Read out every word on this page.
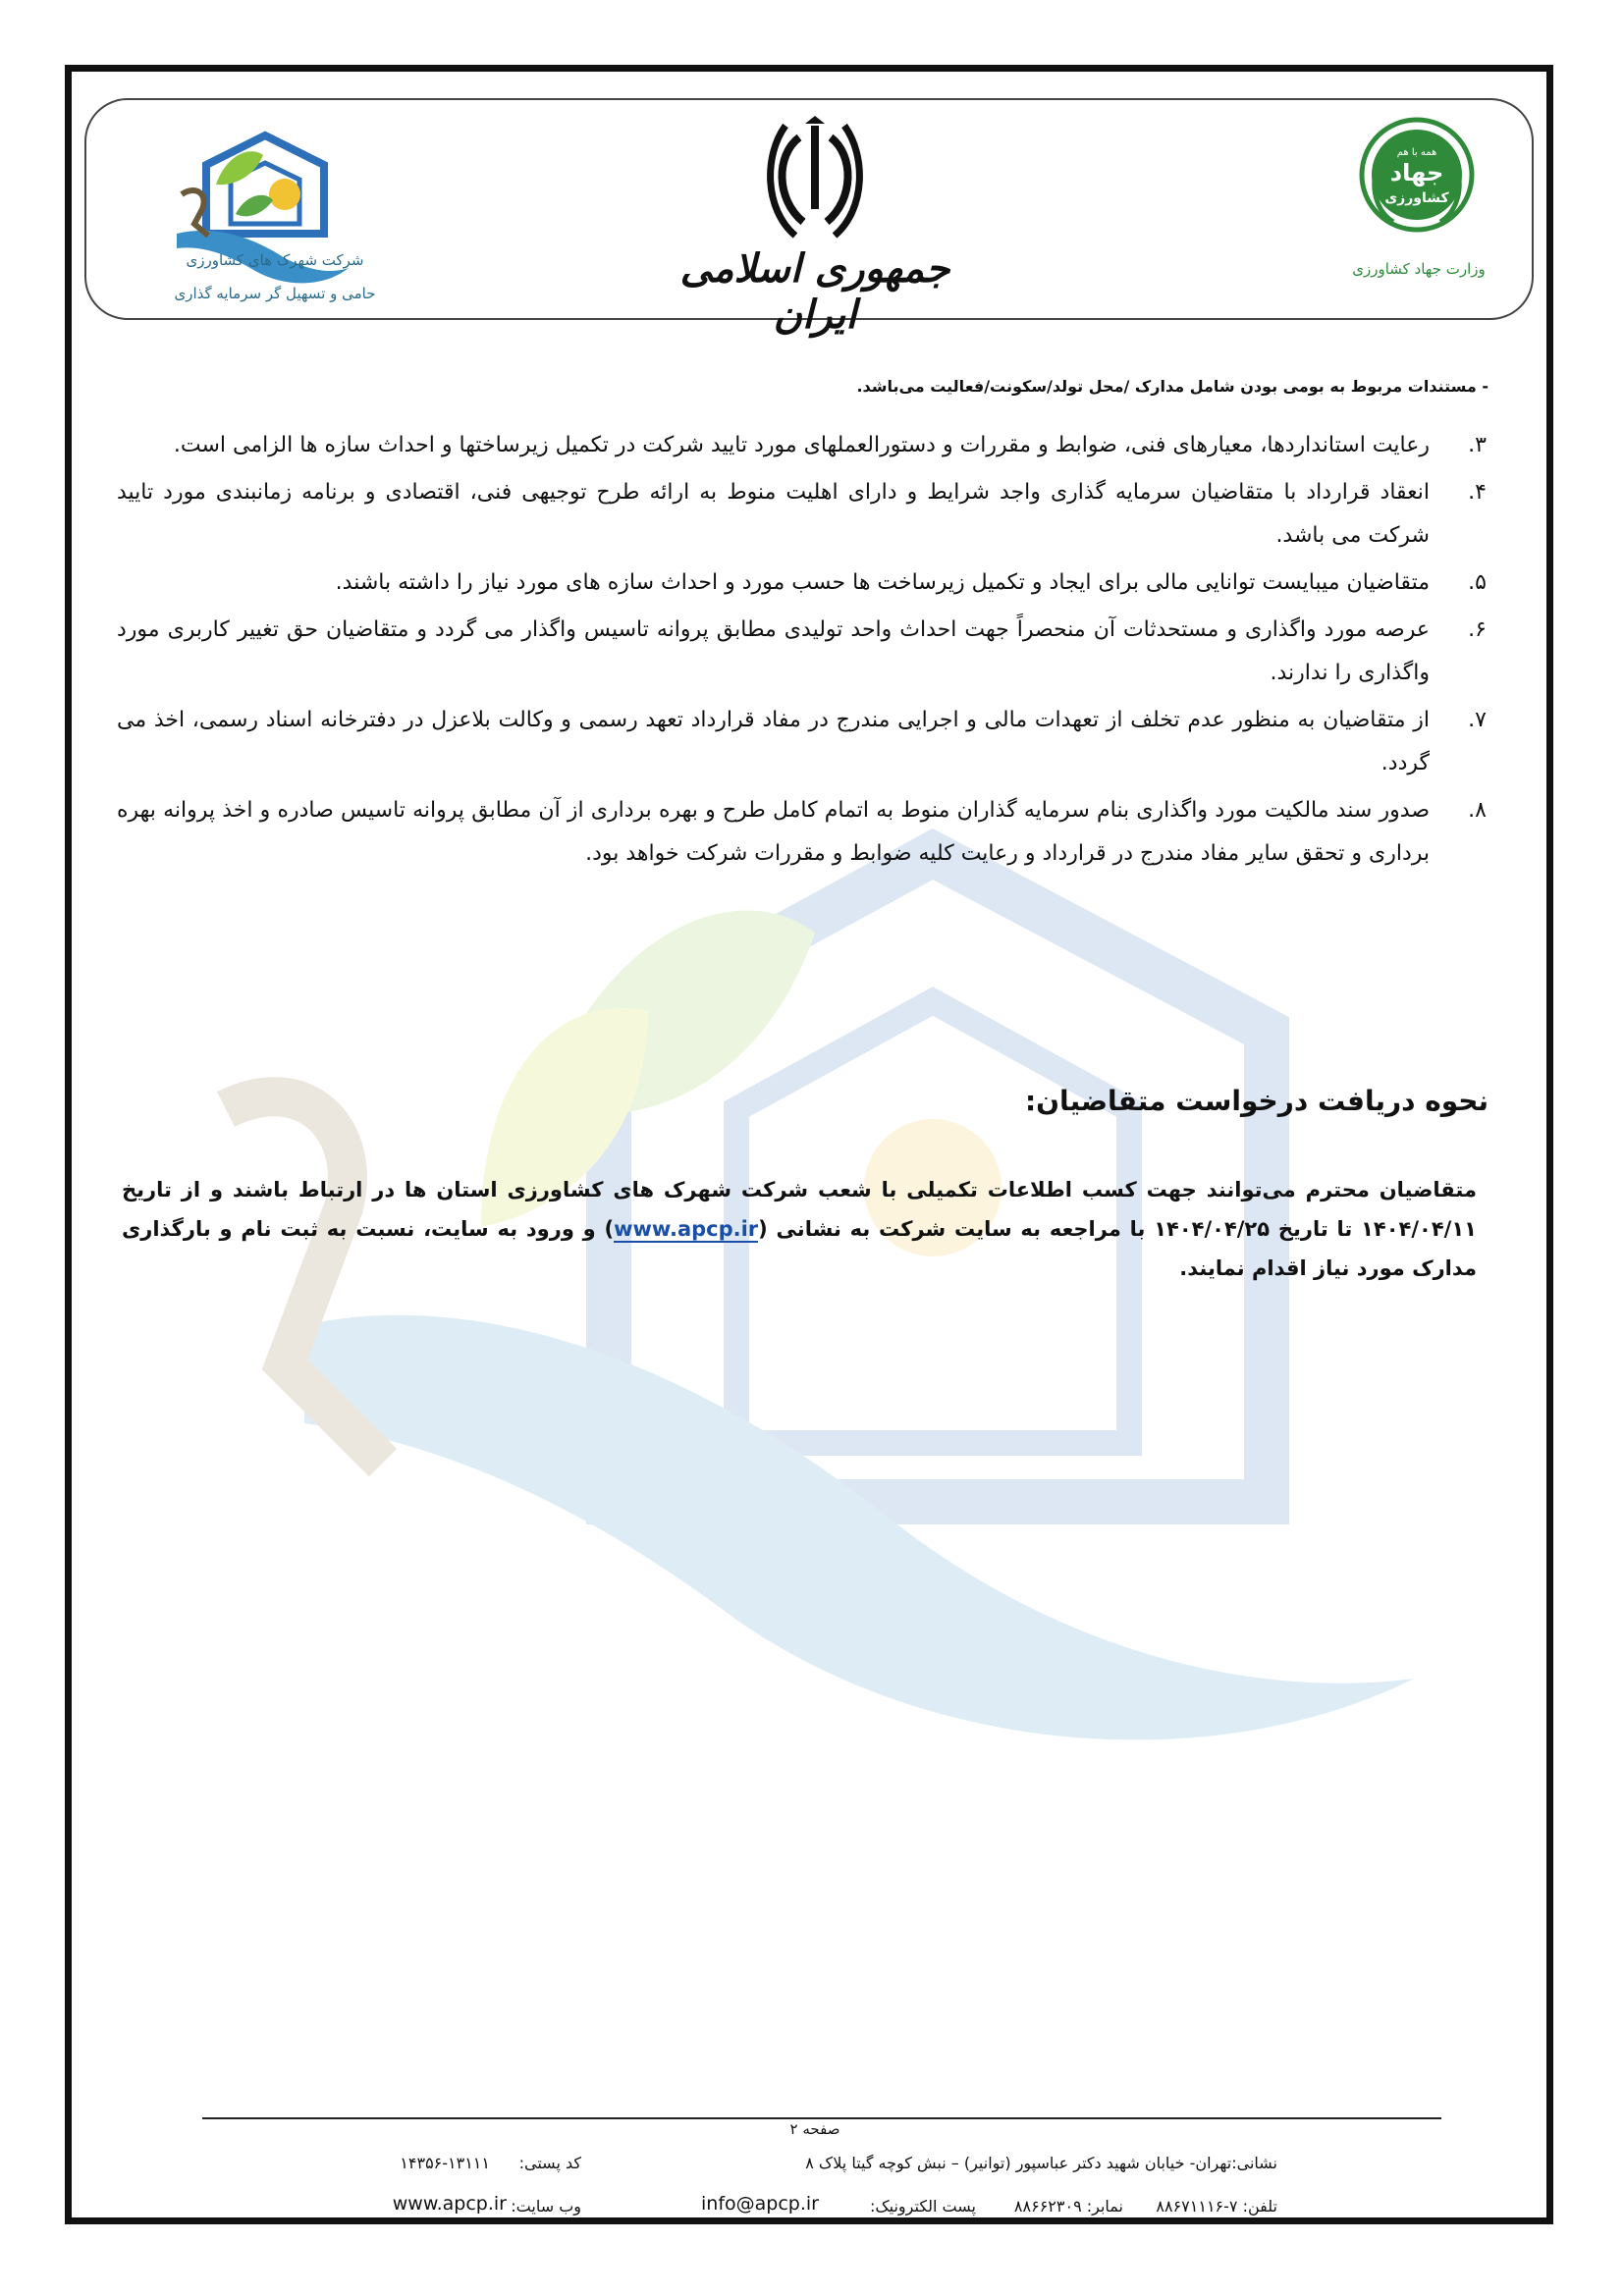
شرکت شهرک های کشاورزی
حامی و تسهیل گر سرمایه گذاری
جمهوری اسلامی ایران
همه با هم
جهاد
کشاورزی
وزارت جهاد کشاورزی
- مستندات مربوط به بومی بودن شامل مدارک /محل تولد/سکونت/فعالیت می‌باشد.
۳.
رعایت استانداردها، معیارهای فنی، ضوابط و مقررات و دستورالعملهای مورد تایید شرکت در تکمیل زیرساختها و احداث سازه ها الزامی است.
۴.
انعقاد قرارداد با متقاضیان سرمایه گذاری واجد شرایط و دارای اهلیت منوط به ارائه طرح توجیهی فنی، اقتصادی و برنامه زمانبندی مورد تایید شرکت می باشد.
۵.
متقاضیان میبایست توانایی مالی برای ایجاد و تکمیل زیرساخت ها حسب مورد و احداث سازه های مورد نیاز را داشته باشند.
۶.
عرصه مورد واگذاری و مستحدثات آن منحصراً جهت احداث واحد تولیدی مطابق پروانه تاسیس واگذار می گردد و متقاضیان حق تغییر کاربری مورد واگذاری را ندارند.
۷.
از متقاضیان به منظور عدم تخلف از تعهدات مالی و اجرایی مندرج در مفاد قرارداد تعهد رسمی و وکالت بلاعزل در دفترخانه اسناد رسمی، اخذ می گردد.
۸.
صدور سند مالکیت مورد واگذاری بنام سرمایه گذاران منوط به اتمام کامل طرح و بهره برداری از آن مطابق پروانه تاسیس صادره و اخذ پروانه بهره برداری و تحقق سایر مفاد مندرج در قرارداد و رعایت کلیه ضوابط و مقررات شرکت خواهد بود.
نحوه دریافت درخواست متقاضیان:
متقاضیان محترم می‌توانند جهت کسب اطلاعات تکمیلی با شعب شرکت شهرک های کشاورزی استان ها در ارتباط باشند و از تاریخ ۱۴۰۴/۰۴/۱۱ تا تاریخ ۱۴۰۴/۰۴/۲۵ با مراجعه به سایت شرکت به نشانی (www.apcp.ir) و ورود به سایت، نسبت به ثبت نام و بارگذاری مدارک مورد نیاز اقدام نمایند.
صفحه ۲
نشانی:تهران- خیابان شهید دکتر عباسپور (توانیر) – نبش کوچه گیتا پلاک ۸
کد پستی:
۱۴۳۵۶-۱۳۱۱۱
تلفن: ۷-۸۸۶۷۱۱۱۶
نمابر: ۸۸۶۶۲۳۰۹
پست الکترونیک:
info@apcp.ir
وب سایت:
www.apcp.ir
